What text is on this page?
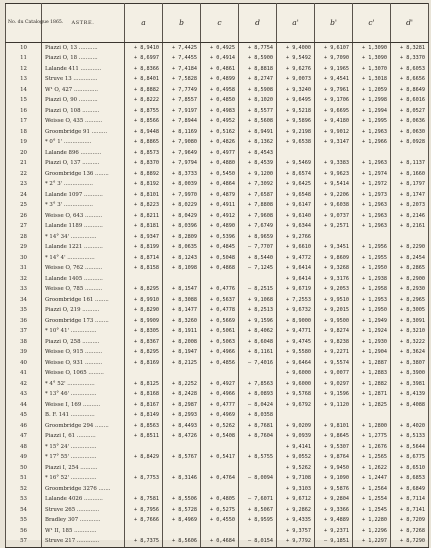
No. du Catalogue 1865.	ASTRE.	a	b	c	d	a'	b'	c'	d'
10	Piazzi O, 13 ...........	+ 8,9410	+ 7,4425	+ 0,4925	+ 8,7754	+ 9,4000	+ 9,6107	+ 1,3090	+ 8,3281
11	Piazzi O, 18 ...........	+ 8,6997	+ 7,4455	+ 0,4914	+ 8,5900	+ 9,5492	+ 9,7090	+ 1,3090	+ 8,3370
12	Lalande 411 ............	+ 8,8366	+ 7,4184	+ 0,4861	+ 8,8818	+ 9,6276	+ 9,1965	+ 1,3070	+ 8,6053
13	Struve 13 ..............	+ 8,8401	+ 7,5828	+ 0,4899	+ 8,2747	+ 9,0073	+ 9,4541	+ 1,3018	+ 8,6656
14	W¹ O, 427 ..............	+ 8,8882	+ 7,7749	+ 0,4958	+ 8,5908	+ 9,3240	+ 9,7961	+ 1,2059	+ 8,8649
15	Piazzi O, 90 ...........	+ 8,8222	+ 7,8557	+ 0,4850	+ 8,1020	+ 9,6495	+ 9,1706	+ 1,2998	+ 8,6016
16	Piazzi O, 108 ..........	+ 8,8755	+ 7,9197	+ 0,4983	+ 8,5577	+ 9,5218	+ 9,6695	+ 1,2994	+ 8,0527
17	Weisse O, 435 ..........	+ 8,8566	+ 7,8944	+ 0,4952	+ 8,5608	+ 9,5896	+ 9,4180	+ 1,2995	+ 8,0636
18	Groombridge 91 .........	+ 8,9448	+ 8,1169	+ 0,5162	+ 8,9491	+ 9,2198	+ 9,9012	+ 1,2963	+ 8,0630
19	* 0° 1' ................	+ 8,8865	+ 7,9080	+ 0,4826	+ 8,1362	+ 9,6538	+ 9,3147	+ 1,2966	+ 8,0928
20	Lalande 896 ............	+ 8,8573	+ 7,9649	+ 0,4977	+ 8,4543				
21	Piazzi O, 137 ..........	+ 8,8370	+ 7,9794	+ 0,4880	+ 8,4539	+ 9,5469	+ 9,3383	+ 1,2963	+ 8,1137
22	Groombridge 136 ........	+ 8,8892	+ 8,3733	+ 0,5450	+ 9,1200	+ 8,6574	+ 9,9623	+ 1,2974	+ 8,1660
23	* 2° 3' .................	+ 8,8192	+ 8,0039	+ 0,4864	+ 7,3092	+ 9,6425	+ 9,5414	+ 1,2972	+ 8,1797
24	Lalande 1097 ...........	+ 8,8101	+ 7,9970	+ 0,4879	+ 7,6587	+ 9,6548	+ 9,2206	+ 1,2973	+ 8,1747
25	* 3° 3' .................	+ 8,8223	+ 8,0229	+ 0,4911	+ 7,8808	+ 9,6147	+ 9,6038	+ 1,2963	+ 8,2073
26	Weisse O, 643 ..........	+ 8,8211	+ 8,0429	+ 0,4912	+ 7,9608	+ 9,6140	+ 9,0737	+ 1,2963	+ 8,2146
27	Lalande 1189 ...........	+ 8,8181	+ 8,0396	+ 0,4890	+ 7,6749	+ 9,6344	+ 9,2571	+ 1,2963	+ 8,2161
28	* 14° 34' ...............	+ 8,9347	+ 8,2809	+ 0,5396	+ 8,9659	+ 9,2766			
29	Lalande 1221 ...........	+ 8,8199	+ 8,0635	+ 0,4845	– 7,7707	+ 9,6610	+ 9,3451	+ 1,2956	+ 8,2290
30	* 14° 4' ................	+ 8,8714	+ 8,1243	+ 0,5048	+ 8,5440	+ 9,4772	+ 9,8609	+ 1,2955	+ 8,2454
31	Weisse O, 762 ..........	+ 8,8158	+ 8,1098	+ 0,4868	– 7,1245	+ 9,6414	+ 9,3268	+ 1,2950	+ 8,2865
32	Lalande 1405 ...........					+ 9,6414	+ 9,3176	+ 1,2938	+ 8,2900
33	Weisse O, 785 ..........	+ 8,8295	+ 8,1547	+ 0,4776	– 8,2515	+ 9,6719	+ 9,2053	+ 1,2958	+ 8,2930
34	Groombridge 161 ........	+ 8,9910	+ 8,3088	+ 0,5637	+ 9,1068	+ 7,2553	+ 9,9510	+ 1,2953	+ 8,2965
35	Piazzi O, 219 ..........	+ 8,8290	+ 8,1477	+ 0,4778	+ 8,2513	+ 9,6732	+ 9,2015	+ 1,2950	+ 8,3005
36	Groombridge 173 ........	+ 8,9909	+ 8,3260	+ 0,5669	+ 9,1596	+ 8,9000	+ 9,9500	+ 1,2949	+ 8,3091
37	* 10° 41' ...............	+ 8,8305	+ 8,1911	+ 0,5061	+ 8,4062	+ 9,4771	+ 9,8274	+ 1,2924	+ 8,3210
38	Piazzi O, 258 ..........	+ 8,8367	+ 8,2008	+ 0,5063	+ 8,6048	+ 9,4745	+ 9,8238	+ 1,2930	+ 8,3222
39	Weisse O, 915 ..........	+ 8,8295	+ 8,1947	+ 0,4966	+ 8,1161	+ 9,5580	+ 9,2271	+ 1,2904	+ 8,3624
40	Weisse O, 931 ..........	+ 8,8169	+ 8,2125	+ 0,4856	– 7,4016	+ 9,6464	+ 9,5574	+ 1,2887	+ 8,3807
41	Weisse O, 1065 .........					+ 9,6000	+ 9,0077	+ 1,2883	+ 8,3900
42	* 4° 52' ................	+ 8,8125	+ 8,2252	+ 0,4927	+ 7,8563	+ 9,6000	+ 9,0297	+ 1,2882	+ 8,3981
43	* 13° 46' ...............	+ 8,8168	+ 8,2428	+ 0,4966	+ 8,0893	+ 9,5768	+ 9,1596	+ 1,2871	+ 8,4139
44	Weisse I, 169 ..........	+ 8,8167	+ 8,2987	+ 0,4777	– 8,0424	+ 9,6792	+ 9,1120	+ 1,2825	+ 8,4088
45	B. F. 141 ..............	+ 8,8149	+ 8,2993	+ 0,4969	+ 8,0358				
46	Groombridge 294 ........	+ 8,8563	+ 8,4493	+ 0,5262	+ 8,7681	+ 9,0209	+ 9,8101	+ 1,2800	+ 8,4020
47	Piazzi I, 61 ...........	+ 8,8511	+ 8,4726	+ 0,5408	+ 8,7604	+ 9,0939	+ 9,8645	+ 1,2775	+ 8,5133
48	* 15° 24' ...............					+ 9,4141	+ 9,5307	+ 1,2676	+ 8,5644
49	* 17° 55' ...............	+ 8,8429	+ 8,5767	+ 0,5417	+ 8,5755	+ 9,0552	+ 9,8764	+ 1,2565	+ 8,6775
50	Piazzi I, 254 ..........					+ 9,5262	+ 9,9450	+ 1,2622	+ 8,6510
51	* 16° 52' ...............	+ 8,7753	+ 8,3146	+ 0,4764	– 8,0094	+ 9,7108	+ 9,1090	+ 1,2447	+ 8,6853
52	Groombridge 3276 .......					+ 9,3103	+ 9,5876	+ 1,2564	+ 8,6849
53	Lalande 4026 ...........	+ 8,7581	+ 8,5506	+ 0,4805	– 7,6071	+ 9,6712	+ 9,2804	+ 1,2554	+ 8,7114
54	Struve 265 .............	+ 8,7956	+ 8,5728	+ 0,5275	+ 8,5067	+ 9,2862	+ 9,3366	+ 1,2545	+ 8,7141
55	Bradley 307 ............	+ 8,7666	+ 8,4969	+ 0,4550	+ 8,9595	+ 9,4335	+ 9,4889	+ 1,2280	+ 8,7209
56	W¹ II, 185 .............					+ 9,3757	+ 9,2371	+ 1,2296	+ 8,7268
57	Struve 217 .............	+ 8,7375	+ 8,5606	+ 0,4684	– 8,0154	+ 9,7792	– 9,1851	+ 1,2297	+ 8,7290
